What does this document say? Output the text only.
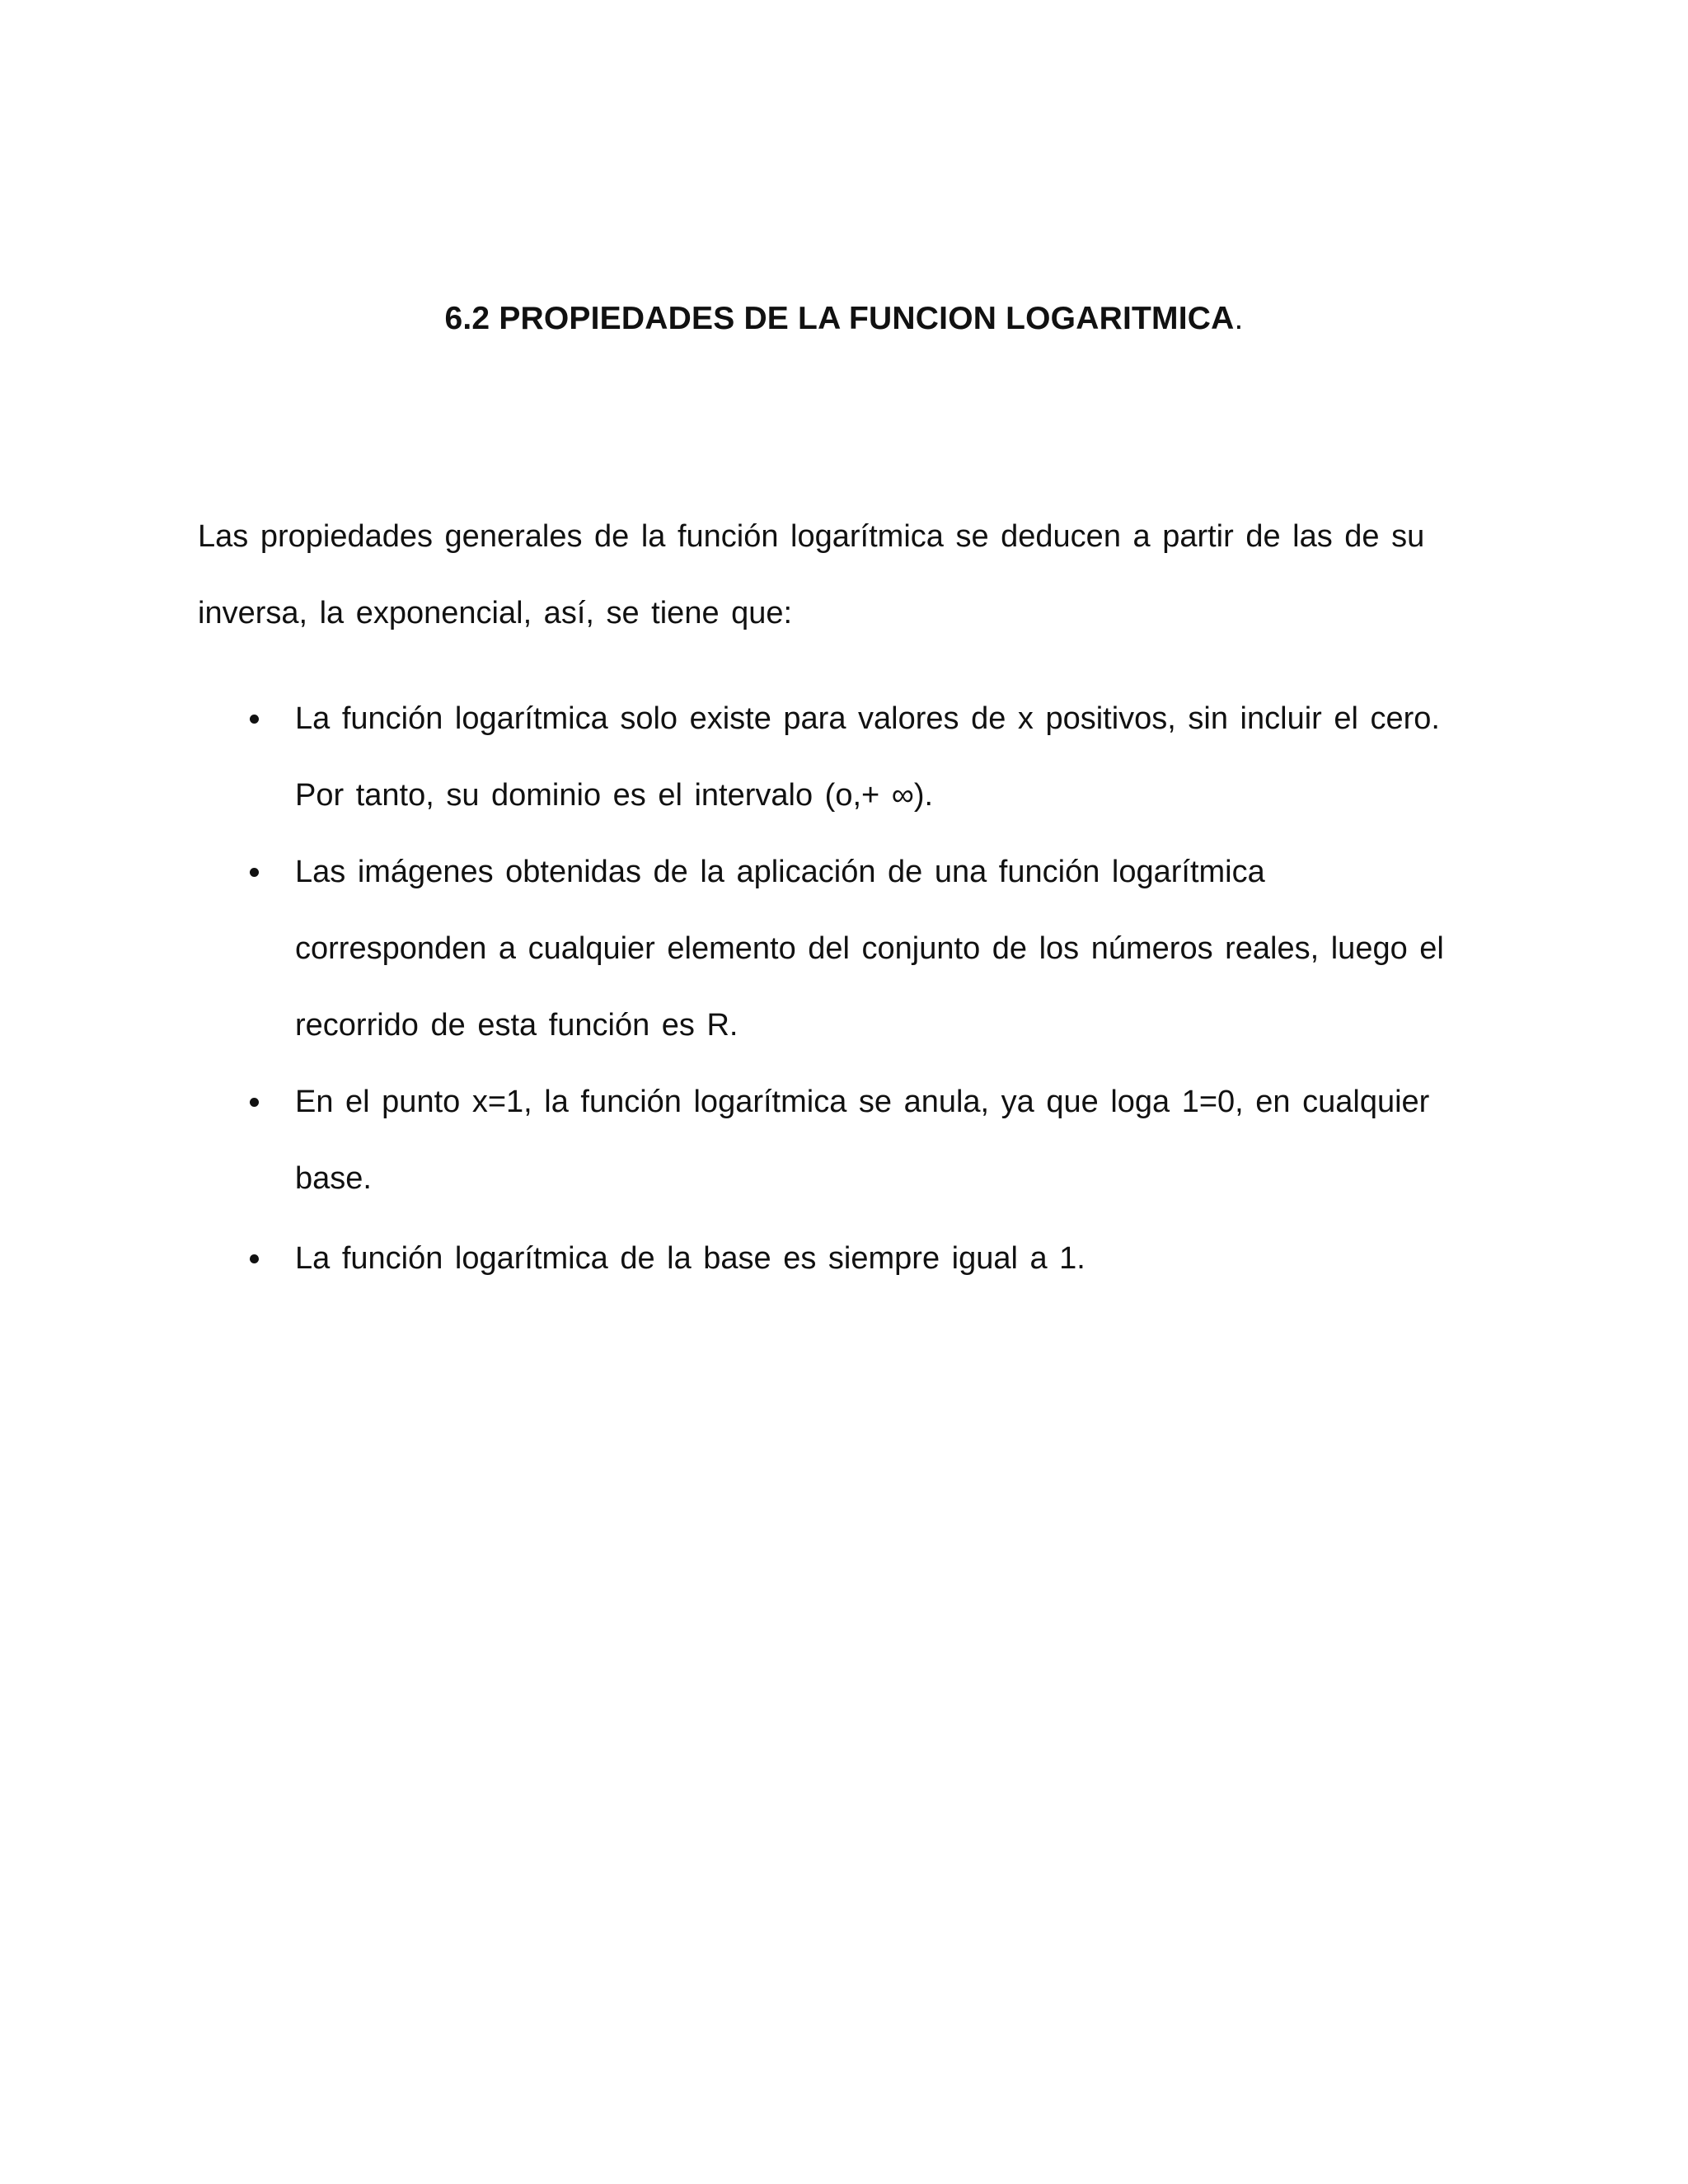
6.2 PROPIEDADES DE LA FUNCION LOGARITMICA.

Las propiedades generales de la función logarítmica se deducen a partir de las de su
inversa, la exponencial, así, se tiene que:

La función logarítmica solo existe para valores de x positivos, sin incluir el cero.
Por tanto, su dominio es el intervalo (o,+ ∞).
Las imágenes obtenidas de la aplicación de una función logarítmica
corresponden a cualquier elemento del conjunto de los números reales, luego el
recorrido de esta función es R.
En el punto x=1, la función logarítmica se anula, ya que loga 1=0, en cualquier
base.
La función logarítmica de la base es siempre igual a 1.
